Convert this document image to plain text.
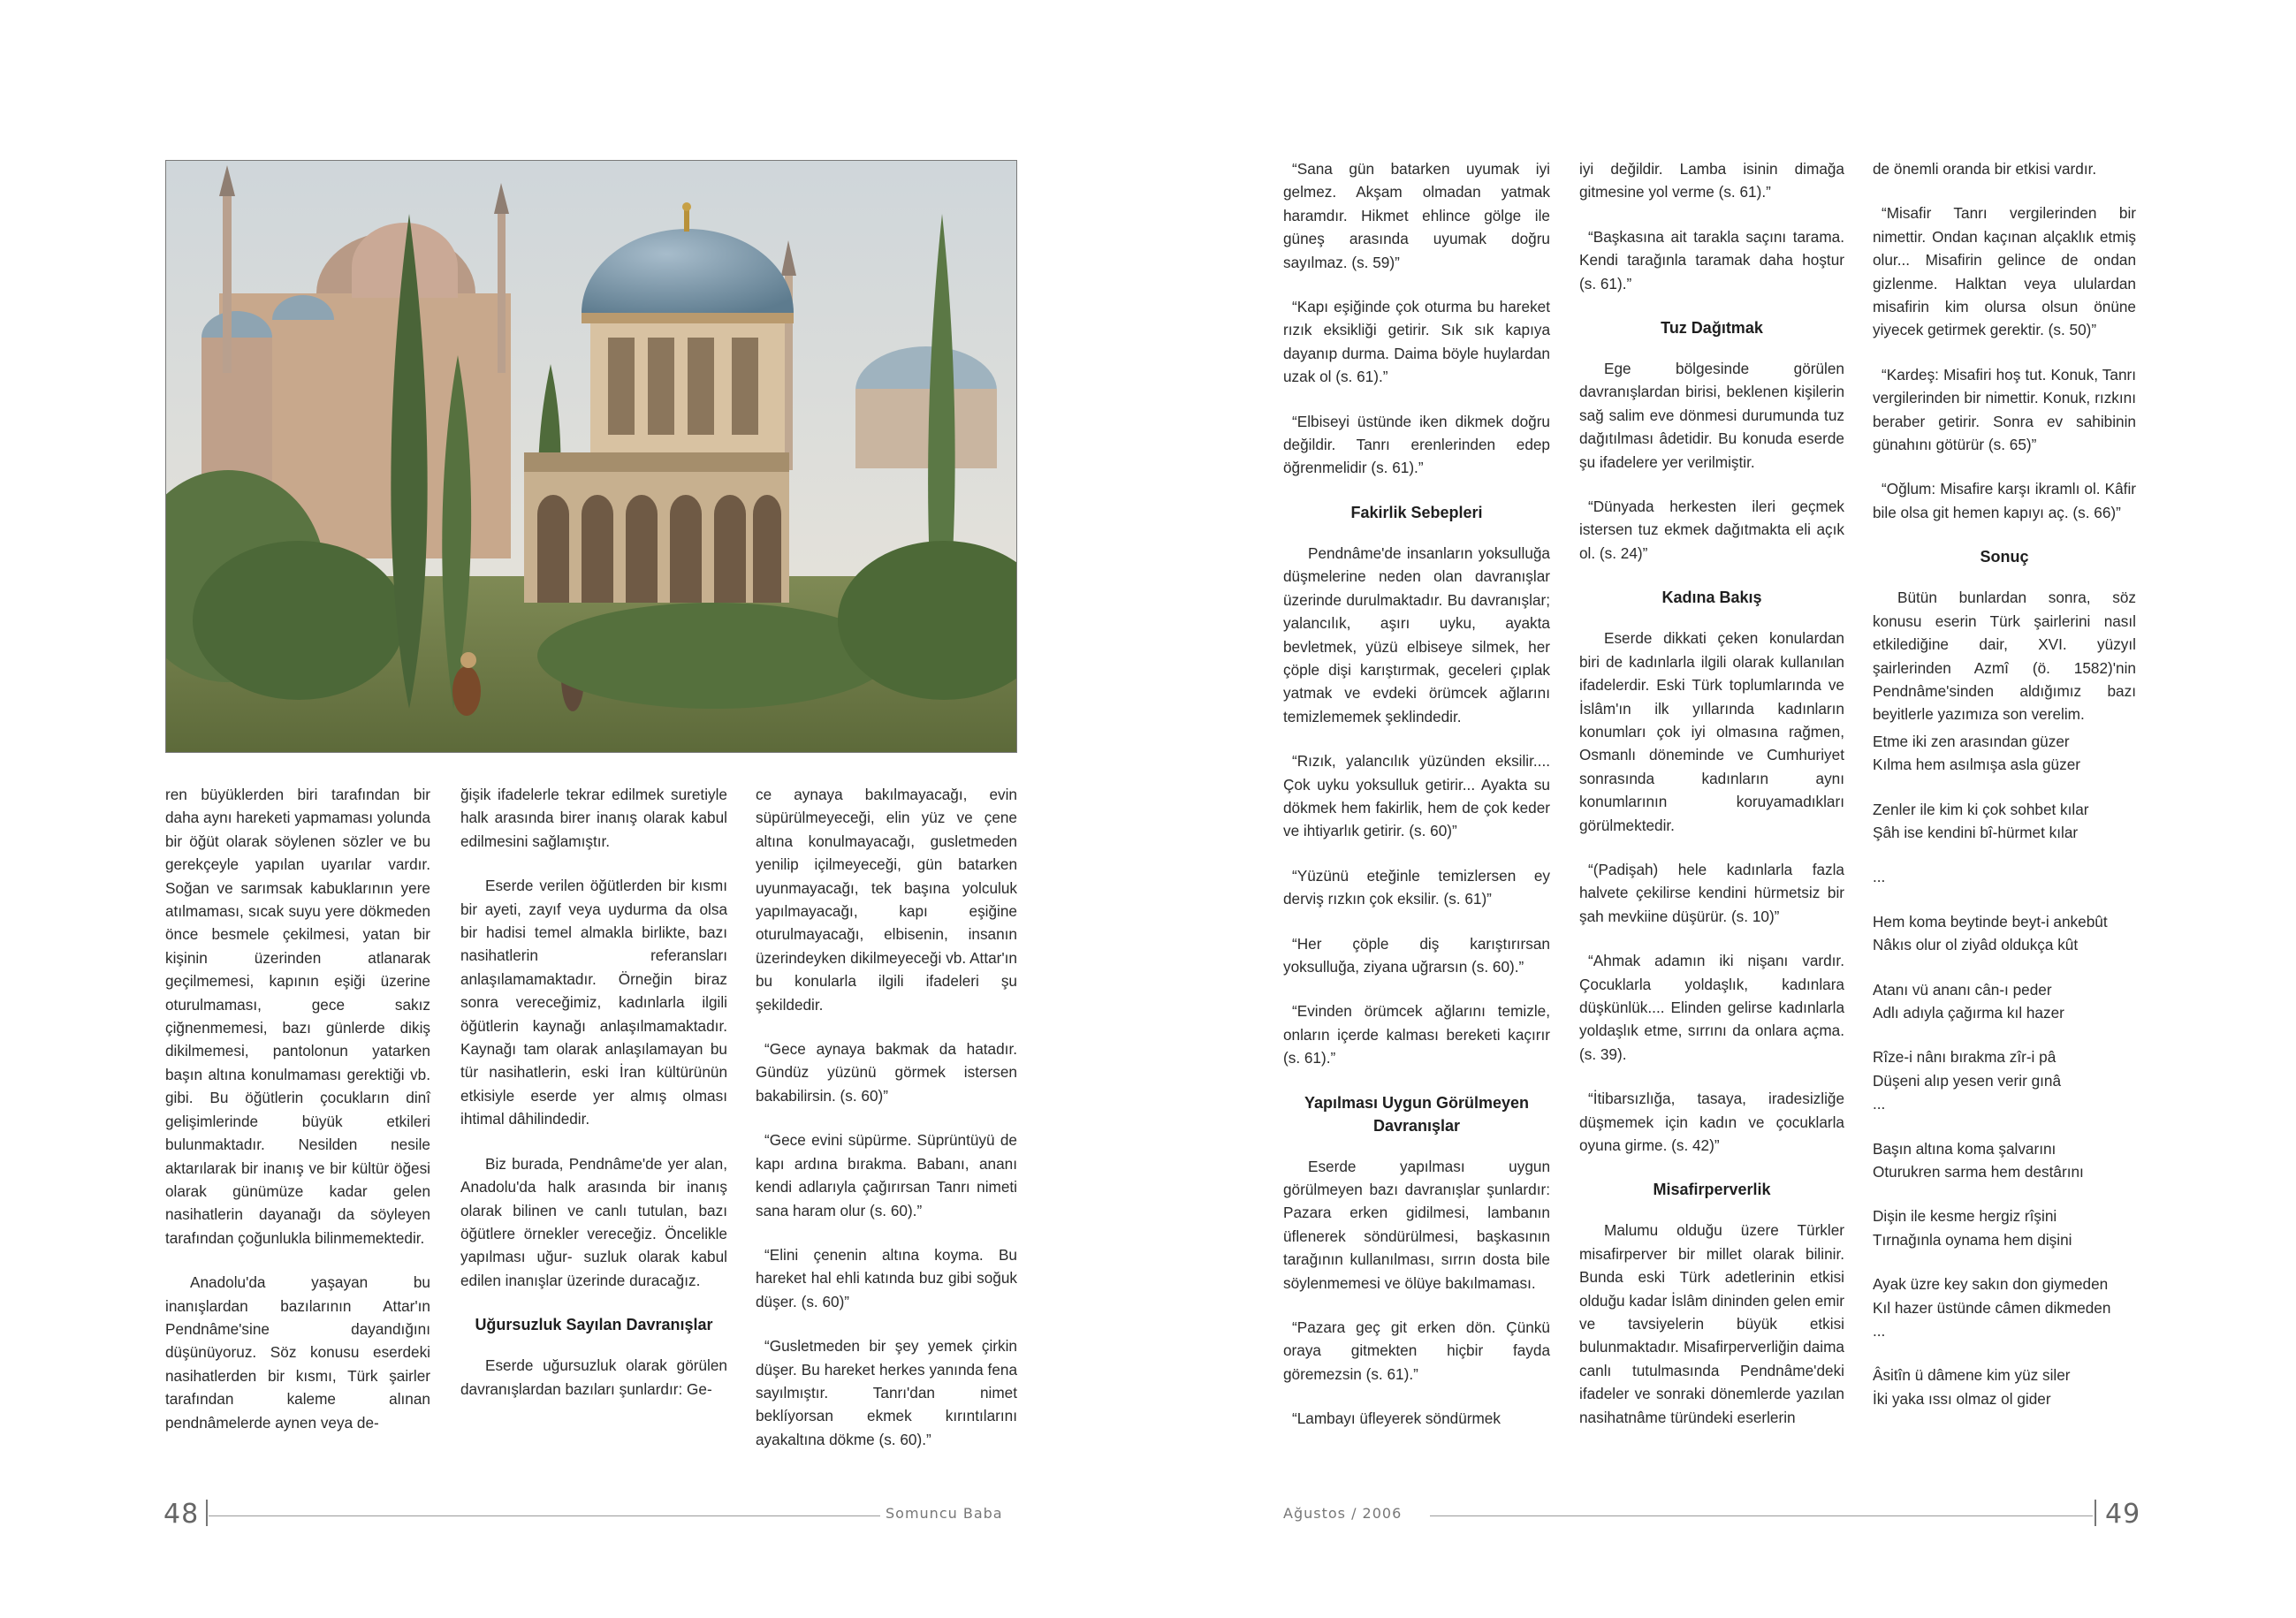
ren büyüklerden biri tarafından bir daha aynı hareketi yapmaması yolunda bir öğüt olarak söylenen sözler ve bu gerekçeyle yapılan uyarılar vardır. Soğan ve sarımsak kabuklarının yere atılmaması, sıcak suyu yere dökmeden önce besmele çekilmesi, yatan bir kişinin üzerinden atlanarak geçilmemesi, kapının eşiği üzerine oturulmaması, gece sakız çiğnenmemesi, bazı günlerde dikiş dikilmemesi, pantolonun yatarken başın altına konulmaması gerektiği vb. gibi. Bu öğütlerin çocukların dinî gelişimlerinde büyük etkileri bulunmaktadır. Nesilden nesile aktarılarak bir inanış ve bir kültür öğesi olarak günümüze kadar gelen nasihatlerin dayanağı da söyleyen tarafından çoğunlukla bilinmemektedir.

Anadolu'da yaşayan bu inanışlardan bazılarının Attar'ın Pendnâme'sine dayandığını düşünüyoruz. Söz konusu eserdeki nasihatlerden bir kısmı, Türk şairler tarafından kaleme alınan pendnâmelerde aynen veya de-

ğişik ifadelerle tekrar edilmek suretiyle halk arasında birer inanış olarak kabul edilmesini sağlamıştır.

Eserde verilen öğütlerden bir kısmı bir ayeti, zayıf veya uydurma da olsa bir hadisi temel almakla birlikte, bazı nasihatlerin referansları anlaşılamamaktadır. Örneğin biraz sonra vereceğimiz, kadınlarla ilgili öğütlerin kaynağı anlaşılmamaktadır. Kaynağı tam olarak anlaşılamayan bu tür nasihatlerin, eski İran kültürünün etkisiyle eserde yer almış olması ihtimal dâhilindedir.

Biz burada, Pendnâme'de yer alan, Anadolu'da halk arasında bir inanış olarak bilinen ve canlı tutulan, bazı öğütlere örnekler vereceğiz. Öncelikle yapılması uğur- suzluk olarak kabul edilen inanışlar üzerinde duracağız.

Uğursuzluk Sayılan Davranışlar

Eserde uğursuzluk olarak görülen davranışlardan bazıları şunlardır: Ge-

ce aynaya bakılmayacağı, evin süpürülmeyeceği, elin yüz ve çene altına konulmayacağı, gusletmeden yenilip içilmeyeceği, gün batarken uyunmayacağı, tek başına yolculuk yapılmayacağı, kapı eşiğine oturulmayacağı, elbisenin, insanın üzerindeyken dikilmeyeceği vb. Attar'ın bu konularla ilgili ifadeleri şu şekildedir.

“Gece aynaya bakmak da hatadır. Gündüz yüzünü görmek istersen bakabilirsin. (s. 60)”

“Gece evini süpürme. Süprüntüyü de kapı ardına bırakma. Babanı, ananı kendi adlarıyla çağırırsan Tanrı nimeti sana haram olur (s. 60).”

“Elini çenenin altına koyma. Bu hareket hal ehli katında buz gibi soğuk düşer. (s. 60)”

“Gusletmeden bir şey yemek çirkin düşer. Bu hareket herkes yanında fena sayılmıştır. Tanrı'dan nimet beklíyorsan ekmek kırıntılarını ayakaltına dökme (s. 60).”

48	Somuncu Baba

“Sana gün batarken uyumak iyi gelmez. Akşam olmadan yatmak haramdır. Hikmet ehlince gölge ile güneş arasında uyumak doğru sayılmaz. (s. 59)”

“Kapı eşiğinde çok oturma bu hareket rızık eksikliği getirir. Sık sık kapıya dayanıp durma. Daima böyle huylardan uzak ol (s. 61).”

“Elbiseyi üstünde iken dikmek doğru değildir. Tanrı erenlerinden edep öğrenmelidir (s. 61).”

Fakirlik Sebepleri

Pendnâme'de insanların yoksulluğa düşmelerine neden olan davranışlar üzerinde durulmaktadır. Bu davranışlar; yalancılık, aşırı uyku, ayakta bevletmek, yüzü elbiseye silmek, her çöple dişi karıştırmak, geceleri çıplak yatmak ve evdeki örümcek ağlarını temizlememek şeklindedir.

“Rızık, yalancılık yüzünden eksilir.... Çok uyku yoksulluk getirir... Ayakta su dökmek hem fakirlik, hem de çok keder ve ihtiyarlık getirir. (s. 60)”

“Yüzünü eteğinle temizlersen ey derviş rızkın çok eksilir. (s. 61)”

“Her çöple diş karıştırırsan yoksulluğa, ziyana uğrarsın (s. 60).”

“Evinden örümcek ağlarını temizle, onların içerde kalması bereketi kaçırır (s. 61).”

Yapılması Uygun Görülmeyen Davranışlar

Eserde yapılması uygun görülmeyen bazı davranışlar şunlardır: Pazara erken gidilmesi, lambanın üflenerek söndürülmesi, başkasının tarağının kullanılması, sırrın dosta bile söylenmemesi ve ölüye bakılmaması.

“Pazara geç git erken dön. Çünkü oraya gitmekten hiçbir fayda göremezsin (s. 61).”

“Lambayı üfleyerek söndürmek

iyi değildir. Lamba isinin dimağa gitmesine yol verme (s. 61).”

“Başkasına ait tarakla saçını tarama. Kendi tarağınla taramak daha hoştur (s. 61).”

Tuz Dağıtmak

Ege bölgesinde görülen davranışlardan birisi, beklenen kişilerin sağ salim eve dönmesi durumunda tuz dağıtılması âdetidir. Bu konuda eserde şu ifadelere yer verilmiştir.

“Dünyada herkesten ileri geçmek istersen tuz ekmek dağıtmakta eli açık ol. (s. 24)”

Kadına Bakış

Eserde dikkati çeken konulardan biri de kadınlarla ilgili olarak kullanılan ifadelerdir. Eski Türk toplumlarında ve İslâm'ın ilk yıllarında kadınların konumları çok iyi olmasına rağmen, Osmanlı döneminde ve Cumhuriyet sonrasında kadınların aynı konumlarının koruyamadıkları görülmektedir.

“(Padişah) hele kadınlarla fazla halvete çekilirse kendini hürmetsiz bir şah mevkiine düşürür. (s. 10)”

“Ahmak adamın iki nişanı vardır. Çocuklarla yoldaşlık, kadınlara düşkünlük.... Elinden gelirse kadınlarla yoldaşlık etme, sırrını da onlara açma. (s. 39).

“İtibarsızlığa, tasaya, iradesizliğe düşmemek için kadın ve çocuklarla oyuna girme. (s. 42)”

Misafirperverlik

Malumu olduğu üzere Türkler misafirperver bir millet olarak bilinir. Bunda eski Türk adetlerinin etkisi olduğu kadar İslâm dininden gelen emir ve tavsiyelerin büyük etkisi bulunmaktadır. Misafirperverliğin daima canlı tutulmasında Pendnâme'deki ifadeler ve sonraki dönemlerde yazılan nasihatnâme türündeki eserlerin

de önemli oranda bir etkisi vardır.

“Misafir Tanrı vergilerinden bir nimettir. Ondan kaçınan alçaklık etmiş olur... Misafirin gelince de ondan gizlenme. Halktan veya ululardan misafirin kim olursa olsun önüne yiyecek getirmek gerektir. (s. 50)”

“Kardeş: Misafiri hoş tut. Konuk, Tanrı vergilerinden bir nimettir. Konuk, rızkını beraber getirir. Sonra ev sahibinin günahını götürür (s. 65)”

“Oğlum: Misafire karşı ikramlı ol. Kâfir bile olsa git hemen kapıyı aç. (s. 66)”

Sonuç

Bütün bunlardan sonra, söz konusu eserin Türk şairlerini nasıl etkilediğine dair, XVI. yüzyıl şairlerinden Azmî (ö. 1582)'nin Pendnâme'sinden aldığımız bazı beyitlerle yazımıza son verelim.

Etme iki zen arasından güzer
Kılma hem asılmışa asla güzer
Zenler ile kim ki çok sohbet kılar
Şâh ise kendini bî-hürmet kılar
...
Hem koma beytinde beyt-i ankebût
Nâkıs olur ol ziyâd oldukça kût
Atanı vü ananı cân-ı peder
Adlı adıyla çağırma kıl hazer
Rîze-i nânı bırakma zîr-i pâ
Düşeni alıp yesen verir gınâ
...
Başın altına koma şalvarını
Oturukren sarma hem destârını
Dişin ile kesme hergiz rîşini
Tırnağınla oynama hem dişini
Ayak üzre key sakın don giymeden
Kıl hazer üstünde câmen dikmeden
...
Âsitîn ü dâmene kim yüz siler
İki yaka ıssı olmaz ol gider
Ağustos / 2006	49
